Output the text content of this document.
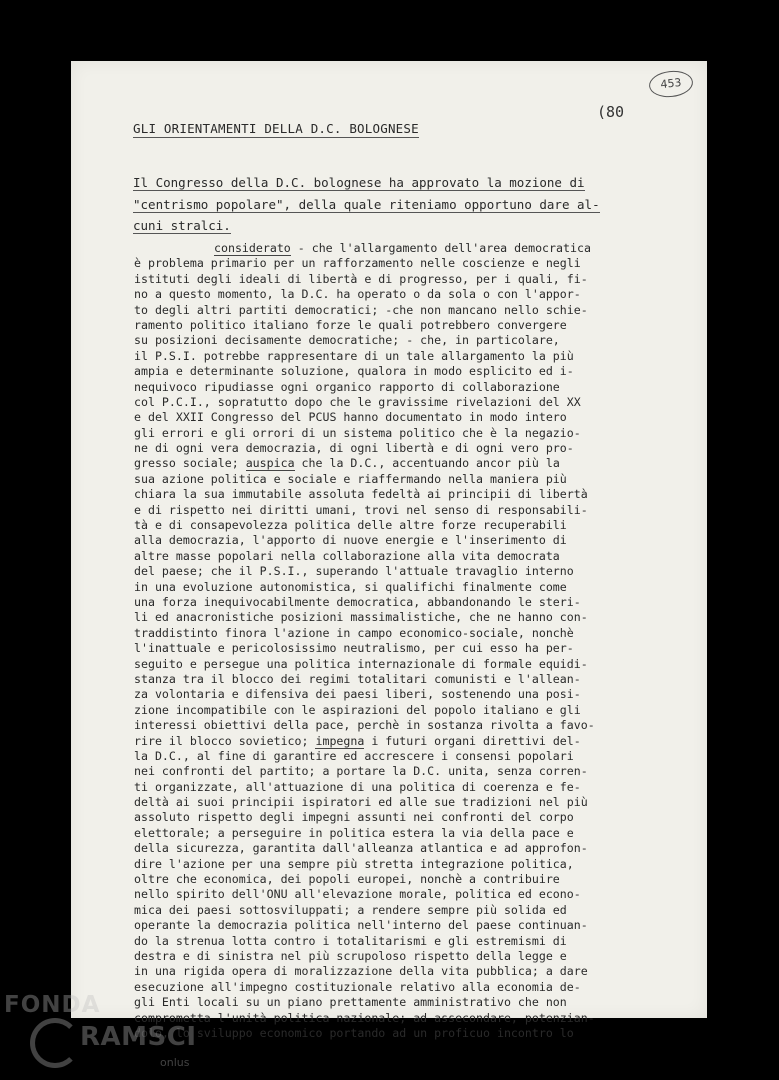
453
(80
GLI ORIENTAMENTI DELLA D.C. BOLOGNESE
Il Congresso della D.C. bolognese ha approvato la mozione di
"centrismo popolare", della quale riteniamo opportuno dare al-
cuni stralci.
considerato - che l'allargamento dell'area democratica
è problema primario per un rafforzamento nelle coscienze e negli
istituti degli ideali di libertà e di progresso, per i quali, fi-
no a questo momento, la D.C. ha operato o da sola o con l'appor-
to degli altri partiti democratici; -che non mancano nello schie-
ramento politico italiano forze le quali potrebbero convergere
su posizioni decisamente democratiche; - che, in particolare,
il P.S.I. potrebbe rappresentare di un tale allargamento la più
ampia e determinante soluzione, qualora in modo esplicito ed i-
nequivoco ripudiasse ogni organico rapporto di collaborazione
col P.C.I., sopratutto dopo che le gravissime rivelazioni del XX
e del XXII Congresso del PCUS hanno documentato in modo intero
gli errori e gli orrori di un sistema politico che è la negazio-
ne di ogni vera democrazia, di ogni libertà e di ogni vero pro-
gresso sociale; auspica che la D.C., accentuando ancor più la
sua azione politica e sociale e riaffermando nella maniera più
chiara la sua immutabile assoluta fedeltà ai principii di libertà
e di rispetto nei diritti umani, trovi nel senso di responsabili-
tà e di consapevolezza politica delle altre forze recuperabili
alla democrazia, l'apporto di nuove energie e l'inserimento di
altre masse popolari nella collaborazione alla vita democrata
del paese; che il P.S.I., superando l'attuale travaglio interno
in una evoluzione autonomistica, si qualifichi finalmente come
una forza inequivocabilmente democratica, abbandonando le steri-
li ed anacronistiche posizioni massimalistiche, che ne hanno con-
traddistinto finora l'azione in campo economico-sociale, nonchè
l'inattuale e pericolosissimo neutralismo, per cui esso ha per-
seguito e persegue una politica internazionale di formale equidi-
stanza tra il blocco dei regimi totalitari comunisti e l'allean-
za volontaria e difensiva dei paesi liberi, sostenendo una posi-
zione incompatibile con le aspirazioni del popolo italiano e gli
interessi obiettivi della pace, perchè in sostanza rivolta a favo-
rire il blocco sovietico; impegna i futuri organi direttivi del-
la D.C., al fine di garantire ed accrescere i consensi popolari
nei confronti del partito; a portare la D.C. unita, senza corren-
ti organizzate, all'attuazione di una politica di coerenza e fe-
deltà ai suoi principii ispiratori ed alle sue tradizioni nel più
assoluto rispetto degli impegni assunti nei confronti del corpo
elettorale; a perseguire in politica estera la via della pace e
della sicurezza, garantita dall'alleanza atlantica e ad approfon-
dire l'azione per una sempre più stretta integrazione politica,
oltre che economica, dei popoli europei, nonchè a contribuire
nello spirito dell'ONU all'elevazione morale, politica ed econo-
mica dei paesi sottosviluppati; a rendere sempre più solida ed
operante la democrazia politica nell'interno del paese continuan-
do la strenua lotta contro i totalitarismi e gli estremismi di
destra e di sinistra nel più scrupoloso rispetto della legge e
in una rigida opera di moralizzazione della vita pubblica; a dare
esecuzione all'impegno costituzionale relativo alla economia de-
gli Enti locali su un piano prettamente amministrativo che non
comprometta l'unità politica nazionale; ad assecondare, potenzian-
dolo, lo sviluppo economico portando ad un proficuo incontro lo
FONDA
RAMSCI
onlus
